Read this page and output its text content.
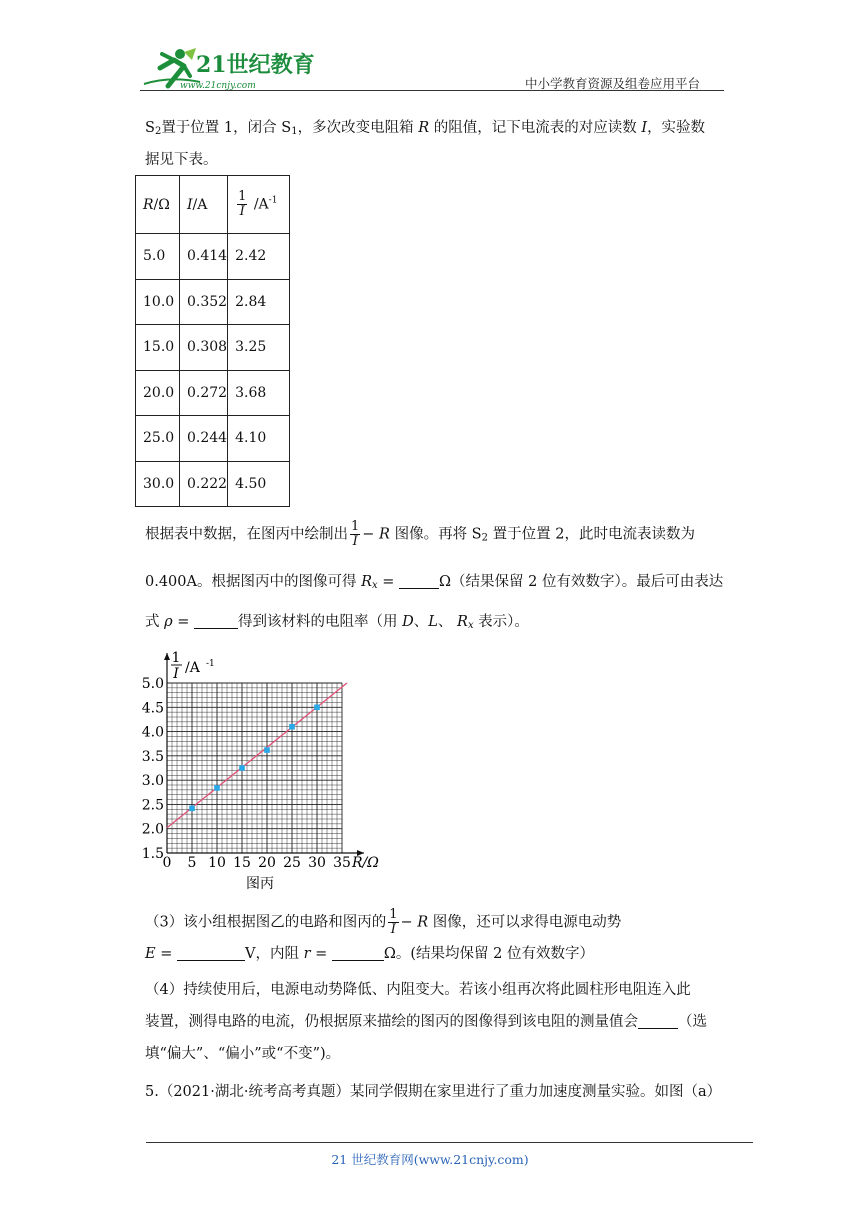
21世纪教育
www.21cnjy.com	中小学教育资源及组卷应用平台
$S_2$置于位置 1，闭合 $S_1$，多次改变电阻箱 R 的阻值，记下电流表的对应读数 I，实验数
据见下表。
R/Ω	I/A	$\frac{1}{I} /A^{-1}$
5.0	0.414	2.42
10.0	0.352	2.84
15.0	0.308	3.25
20.0	0.272	3.68
25.0	0.244	4.10
30.0	0.222	4.50
根据表中数据，在图丙中绘制出 $\frac{1}{I} - R$ 图像。再将 $S_2$ 置于位置 2，此时电流表读数为
0.400A。根据图丙中的图像可得 $R_x$ =	Ω（结果保留 2 位有效数字）。最后可由表达
式 ρ =	得到该材料的电阻率（用 D、L、 $R_x$ 表示）。
0 5 10 15 20 25 30 35
1.5
2.0
2.5
3.0
3.5
4.0
4.5
5.0
1
I /A -1
R/Ω
图丙
（3）该小组根据图乙的电路和图丙的 $\frac{1}{I} - R$ 图像，还可以求得电源电动势
E =	V，内阻 r =	Ω。(结果均保留 2 位有效数字）
（4）持续使用后，电源电动势降低、内阻变大。若该小组再次将此圆柱形电阻连入此
装置，测得电路的电流，仍根据原来描绘的图丙的图像得到该电阻的测量值会	（选
填“偏大”、“偏小”或“不变”)。
5.（2021·湖北·统考高考真题）某同学假期在家里进行了重力加速度测量实验。如图（a）
21 世纪教育网(www.21cnjy.com)
